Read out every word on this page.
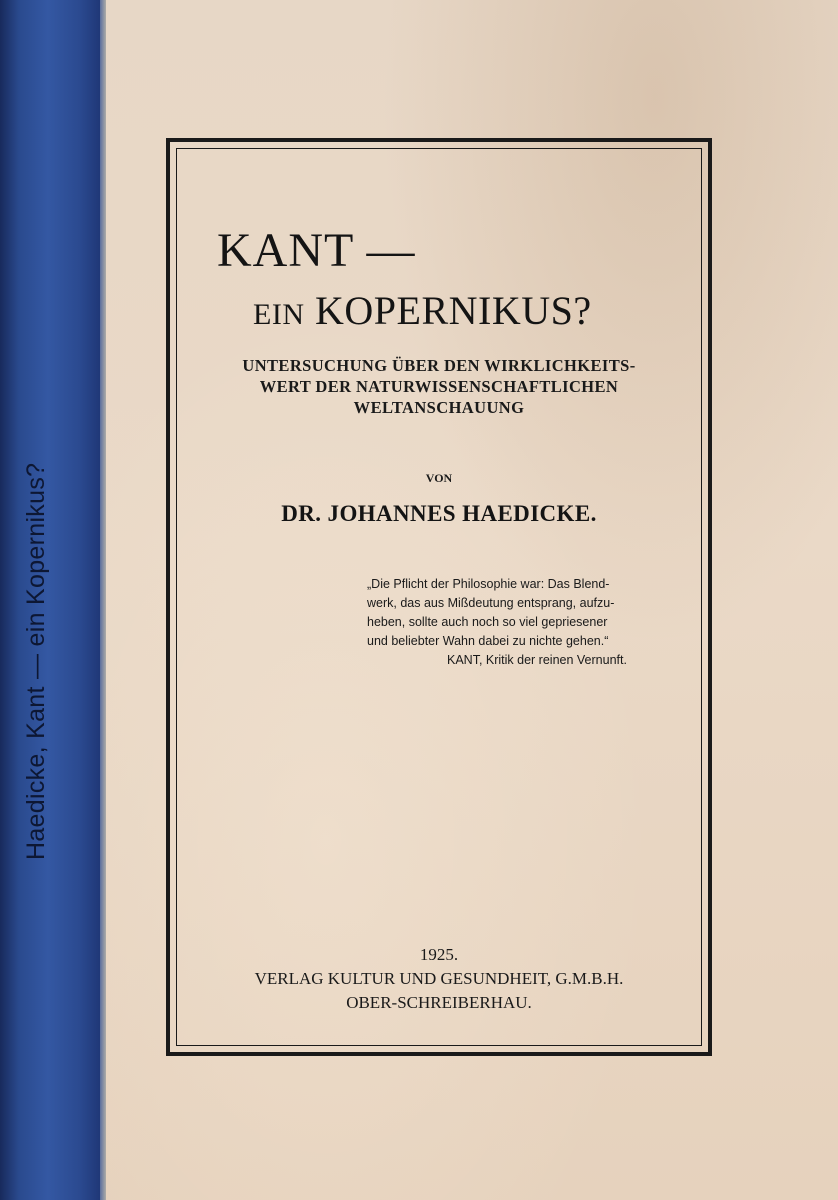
Haedicke, Kant — ein Kopernikus?
KANT —
EIN KOPERNIKUS?
UNTERSUCHUNG ÜBER DEN WIRKLICHKEITS-
WERT DER NATURWISSENSCHAFTLICHEN
WELTANSCHAUUNG
VON
DR. JOHANNES HAEDICKE.
„Die Pflicht der Philosophie war: Das Blend-
werk, das aus Mißdeutung entsprang, aufzu-
heben, sollte auch noch so viel gepriesener
und beliebter Wahn dabei zu nichte gehen.“
KANT, Kritik der reinen Vernunft.
1925.
VERLAG KULTUR UND GESUNDHEIT, G.M.B.H.
OBER-SCHREIBERHAU.
